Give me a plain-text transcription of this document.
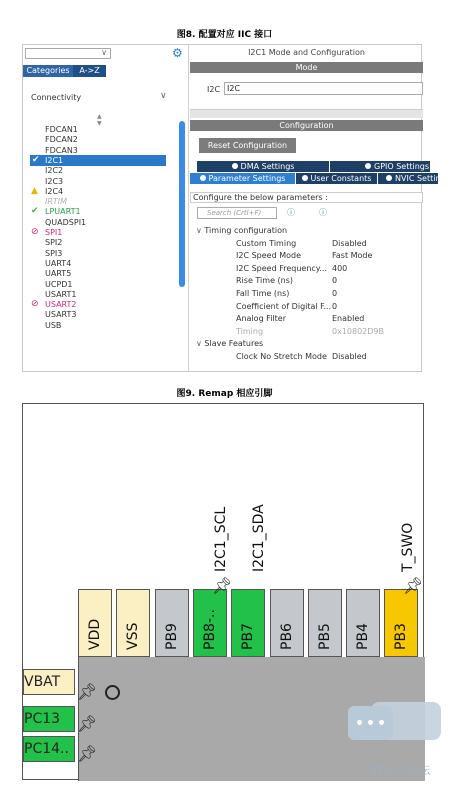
图8. 配置对应 IIC 接口
图9. Remap 相应引脚
∨	⚙
Categories	A->Z
Connectivity	∨
▲
▼
FDCAN1
FDCAN2
FDCAN3
✔ I2C1
I2C2
I2C3
▲ I2C4
IRTIM
✔ LPUART1
QUADSPI1
⊘ SPI1
SPI2
SPI3
UART4
UART5
UCPD1
USART1
⊘ USART2
USART3
USB
I2C1 Mode and Configuration
Mode
I2C I2C
Configuration
Reset Configuration
DMA Settings	GPIO Settings
Parameter Settings	User Constants	NVIC Settings
Configure the below parameters :
Search (Crtl+F)	ⓘ	ⓘ
∨ Timing configuration
Custom Timing	Disabled
I2C Speed Mode	Fast Mode
I2C Speed Frequency... 400
Rise Time (ns)	0
Fall Time (ns)	0
Coefficient of Digital F... 0
Analog Filter	Enabled
Timing	0x10802D9B
∨ Slave Features
Clock No Stretch Mode Disabled
VDD VSS PB9 PB8-.. PB7 PB6 PB5 PB4 PB3
VBAT
PC13
PC14..
I2C1_SCL I2C1_SDA	T_SWO
📌︎	📌︎
📌︎
📌︎
📌︎
ST中文论坛
